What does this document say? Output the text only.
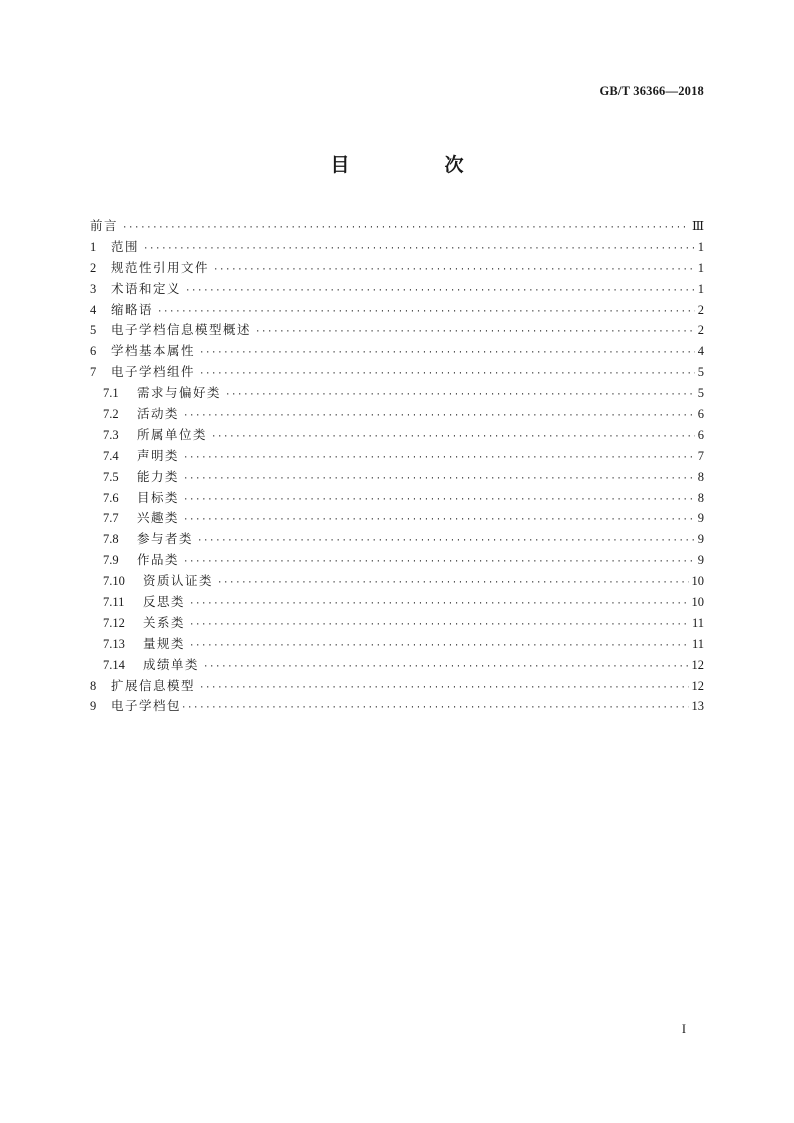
GB/T 36366—2018
目　次
前言 ·····	Ⅲ
1	范围 ·····	1
2	规范性引用文件 ·····	1
3	术语和定义 ·····	1
4	缩略语 ·····	2
5	电子学档信息模型概述 ·····	2
6	学档基本属性 ·····	4
7	电子学档组件 ·····	5
7.1	需求与偏好类 ·····	5
7.2	活动类 ·····	6
7.3	所属单位类 ·····	6
7.4	声明类 ·····	7
7.5	能力类 ·····	8
7.6	目标类 ·····	8
7.7	兴趣类 ·····	9
7.8	参与者类 ·····	9
7.9	作品类 ·····	9
7.10	资质认证类 ·····	10
7.11	反思类 ·····	10
7.12	关系类 ·····	11
7.13	量规类 ·····	11
7.14	成绩单类 ·····	12
8	扩展信息模型 ·····	12
9	电子学档包 ·····	13
I
